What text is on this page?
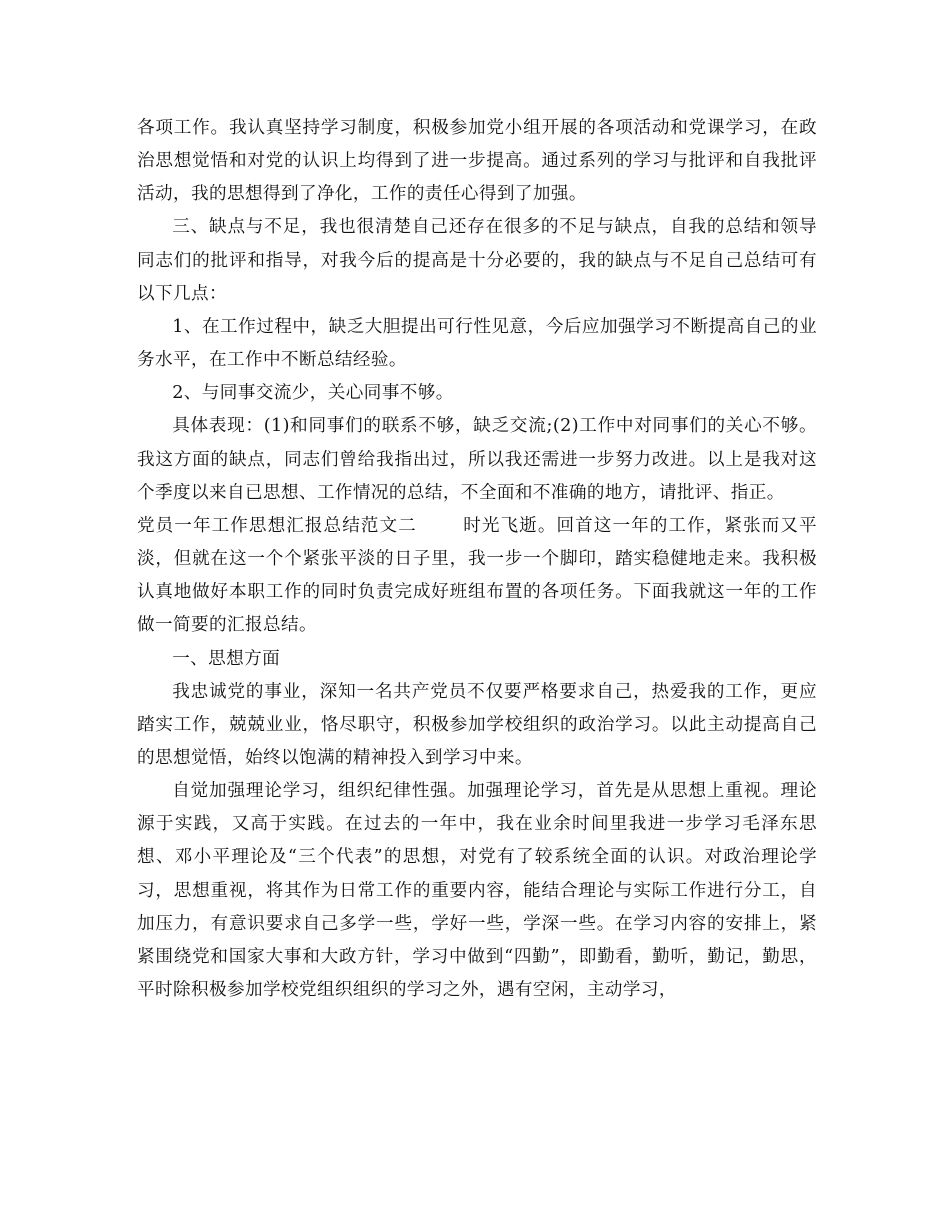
各项工作。我认真坚持学习制度，积极参加党小组开展的各项活动和党课学习，在政治思想觉悟和对党的认识上均得到了进一步提高。通过系列的学习与批评和自我批评活动，我的思想得到了净化，工作的责任心得到了加强。

三、缺点与不足，我也很清楚自己还存在很多的不足与缺点，自我的总结和领导同志们的批评和指导，对我今后的提高是十分必要的，我的缺点与不足自己总结可有以下几点：

1、在工作过程中，缺乏大胆提出可行性见意，今后应加强学习不断提高自己的业务水平，在工作中不断总结经验。

2、与同事交流少，关心同事不够。

具体表现：(1)和同事们的联系不够，缺乏交流;(2)工作中对同事们的关心不够。我这方面的缺点，同志们曾给我指出过，所以我还需进一步努力改进。以上是我对这个季度以来自已思想、工作情况的总结，不全面和不准确的地方，请批评、指正。

党员一年工作思想汇报总结范文二	时光飞逝。回首这一年的工作，紧张而又平淡，但就在这一个个紧张平淡的日子里，我一步一个脚印，踏实稳健地走来。我积极认真地做好本职工作的同时负责完成好班组布置的各项任务。下面我就这一年的工作做一简要的汇报总结。

一、思想方面

我忠诚党的事业，深知一名共产党员不仅要严格要求自己，热爱我的工作，更应踏实工作，兢兢业业，恪尽职守，积极参加学校组织的政治学习。以此主动提高自己的思想觉悟，始终以饱满的精神投入到学习中来。

自觉加强理论学习，组织纪律性强。加强理论学习，首先是从思想上重视。理论源于实践，又高于实践。在过去的一年中，我在业余时间里我进一步学习毛泽东思想、邓小平理论及“三个代表”的思想，对党有了较系统全面的认识。对政治理论学习，思想重视，将其作为日常工作的重要内容，能结合理论与实际工作进行分工，自加压力，有意识要求自己多学一些，学好一些，学深一些。在学习内容的安排上，紧紧围绕党和国家大事和大政方针，学习中做到“四勤”，即勤看，勤听，勤记，勤思，平时除积极参加学校党组织组织的学习之外，遇有空闲，主动学习，
